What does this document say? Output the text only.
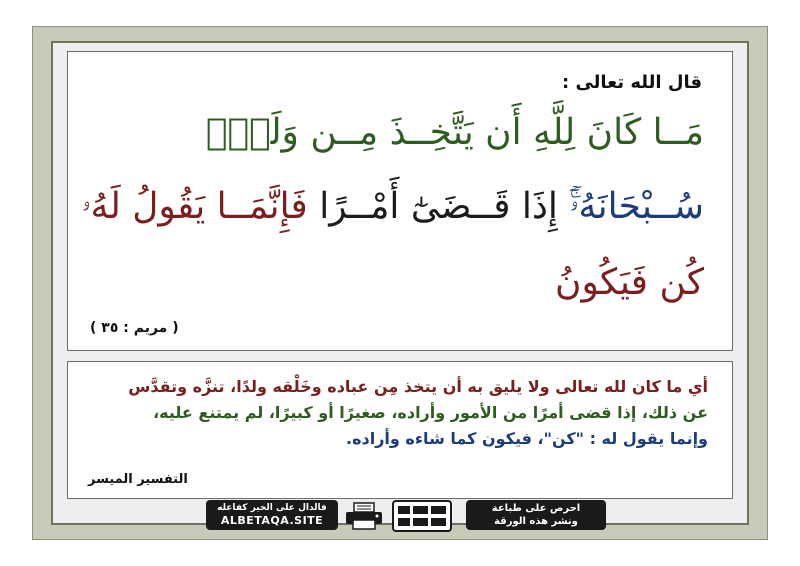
قال الله تعالى :
مَــا كَانَ لِلَّهِ أَن يَتَّخِــذَ مِــن وَلَدٍۖ
سُــبْحَانَهُۥٓۚ إِذَا قَــضَىٰٓ أَمْــرًا فَإِنَّمَــا يَقُولُ لَهُۥ
كُن فَيَكُونُ
( مريم : ٣٥ )
أي ما كان لله تعالى ولا يليق به أن يتخذ مِن عباده وخَلْقه ولدًا، تنزَّه وتقدَّس
عن ذلك، إذا قضى أمرًا من الأمور وأراده، صغيرًا أو كبيرًا، لم يمتنع عليه،
وإنما يقول له : "كن"، فيكون كما شاءه وأراده.
التفسير الميسر
فالدال على الخير كفاعله
ALBETAQA.SITE
احرص على طباعة
ونشر هذه الورقة
